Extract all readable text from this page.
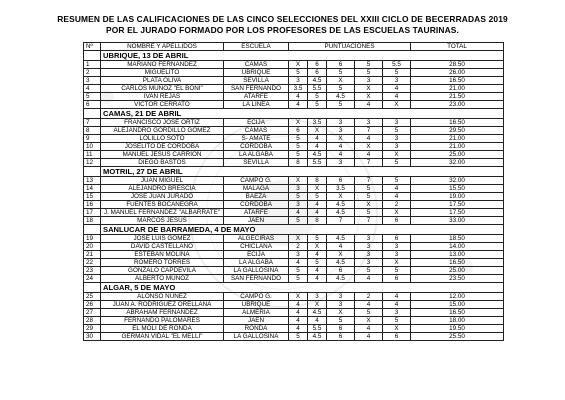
RESUMEN DE LAS CALIFICACIONES DE LAS CINCO SELECCIONES DEL XXIII CICLO DE BECERRADAS 2019
POR EL JURADO FORMADO POR LOS PROFESORES DE LAS ESCUELAS TAURINAS.
Nº	NOMBRE Y APELLIDOS	ESCUELA	PUNTUACIONES					TOTAL
	UBRIQUE, 13 DE ABRIL							
1	MARIANO FERNANDEZ	CAMAS	X	6	6	5	5.5	28.50
2	MIGUELITO	UBRIQUE	5	6	5	5	5	26.00
3	PLATA OLIVA	SEVILLA	3	4.5	X	3	3	16.50
4	CARLOS MUÑOZ "EL BONI"	SAN FERNANDO	3.5	5.5	5	X	4	21.00
5	IVAN REJAS	ATARFE	4	5	4.5	X	4	21.50
6	VICTOR CERRATO	LA LINEA	4	5	5	4	X	23.00
	CAMAS, 21 DE ABRIL							
7	FRANCISCO JOSÉ ORTIZ	ECIJA	X	3.5	3	3	3	16.50
8	ALEJANDRO GORDILLO GOMEZ	CAMAS	6	X	3	7	5	29.50
9	LOLILLO SOTO	S- AMATE	5	4	X	4	3	21.00
10	JOSELITO DE CORDOBA	CORDOBA	5	4	4	X	3	21.00
11	MANUEL JESUS CARRION	LA ALGABA	5	4.5	4	4	X	25.00
12	DIEGO BASTOS	SEVILLA	8	5.5	3	7	5	32.00
	MOTRIL, 27 DE ABRIL							
13	JUAN MIGUEL	CAMPO G.	X	8	6	7	5	32.00
14	ALEJANDRO BRESCIA	MALAGA	3	X	3.5	5	4	15.50
15	JOSE JUAN JURADO	BAEZA	5	5	X	5	4	19.00
16	FUENTES BOCANEGRA	CORDOBA	3	4	4.5	X	2	17.50
17	J. MANUEL FERNANDEZ "ALBARRATE"	ATARFE	4	4	4.5	5	X	17.50
18	MARCOS JESUS	JAEN	5	8	7	7	6	33.00
	SANLUCAR DE BARRAMEDA, 4 DE MAYO							
19	JOSE LUIS GOMEZ	ALGECIRAS	X	5	4.5	3	6	18.50
20	DAVID CASTELLANO	CHICLANA	2	X	4	3	3	14.00
21	ESTEBAN MOLINA	ECIJA	3	4	X	3	3	13.00
22	ROMERO TORRES	LA ALGABA	4	5	4.5	3	X	16.50
23	GONZALO CAPDEVILA	LA GALLOSINA	5	4	6	5	5	25.00
24	ALBERTO MUÑOZ	SAN FERNANDO	5	4	4.5	4	6	23.50
	ALGAR, 5 DE MAYO							
25	ALONSO NUÑEZ	CAMPO G.	X	3	3	2	4	12.00
26	JUAN A. RODRIGUEZ ORELLANA	UBRIQUE	4	X	3	4	4	15.00
27	ABRAHAM FERNANDEZ	ALMERIA	4	4.5	X	5	3	16.50
28	FERNANDO PALOMARES	JAEN	4	4	5	X	5	18.00
29	EL MOLI DE RONDA	RONDA	4	5.5	6	4	X	19.50
30	GERMAN VIDAL "EL MELLI"	LA GALLOSINA	5	4.5	6	4	6	25.50
